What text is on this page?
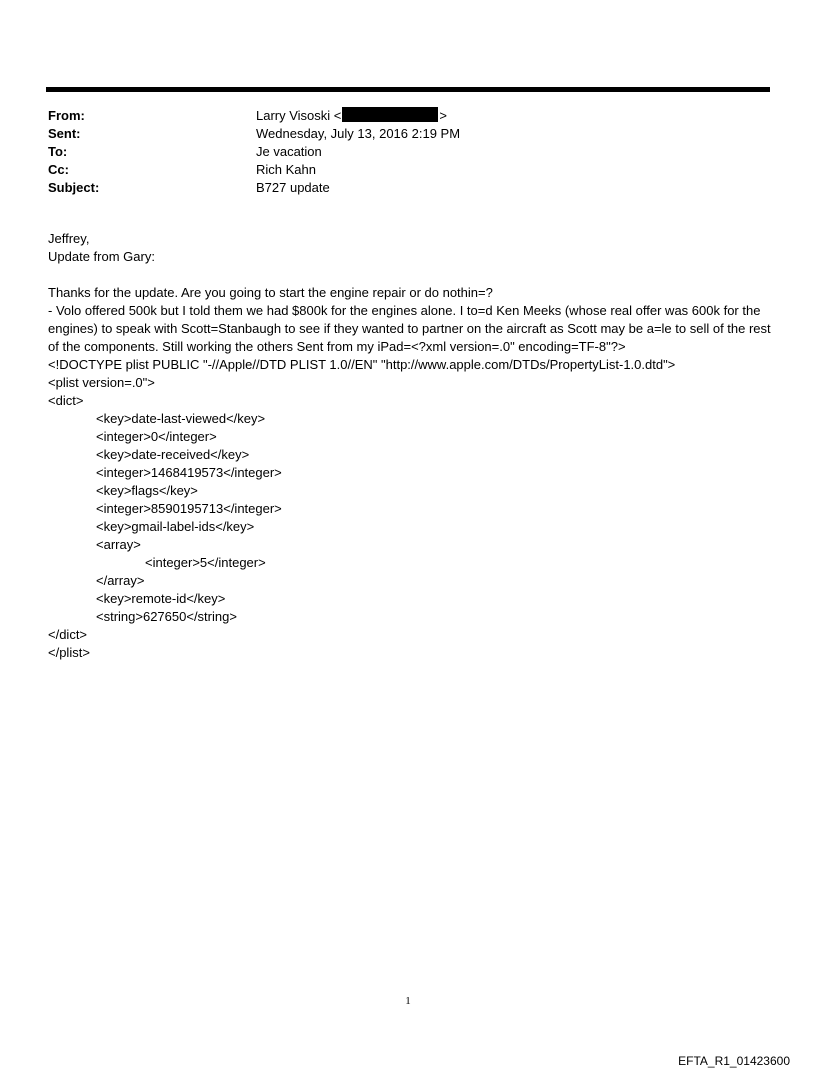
From:	Larry Visoski <	>
Sent:	Wednesday, July 13, 2016 2:19 PM
To:	Je vacation
Cc:	Rich Kahn
Subject:	B727 update
Jeffrey,
Update from Gary:

Thanks for the update. Are you going to start the engine repair or do nothin=?
- Volo offered 500k but I told them we had $800k for the engines alone. I to=d Ken Meeks (whose real offer was 600k for the engines) to speak with Scott=Stanbaugh to see if they wanted to partner on the aircraft as Scott may be a=le to sell of the rest of the components. Still working the others Sent from my iPad=<?xml version=.0" encoding=TF-8"?>

<!DOCTYPE plist PUBLIC "-//Apple//DTD PLIST 1.0//EN" "http://www.apple.com/DTDs/PropertyList-1.0.dtd">
<plist version=.0">
<dict>
<key>date-last-viewed</key>
<integer>0</integer>
<key>date-received</key>
<integer>1468419573</integer>
<key>flags</key>
<integer>8590195713</integer>
<key>gmail-label-ids</key>
<array>
<integer>5</integer>
</array>
<key>remote-id</key>
<string>627650</string>
</dict>
</plist>
1
EFTA_R1_01423600
